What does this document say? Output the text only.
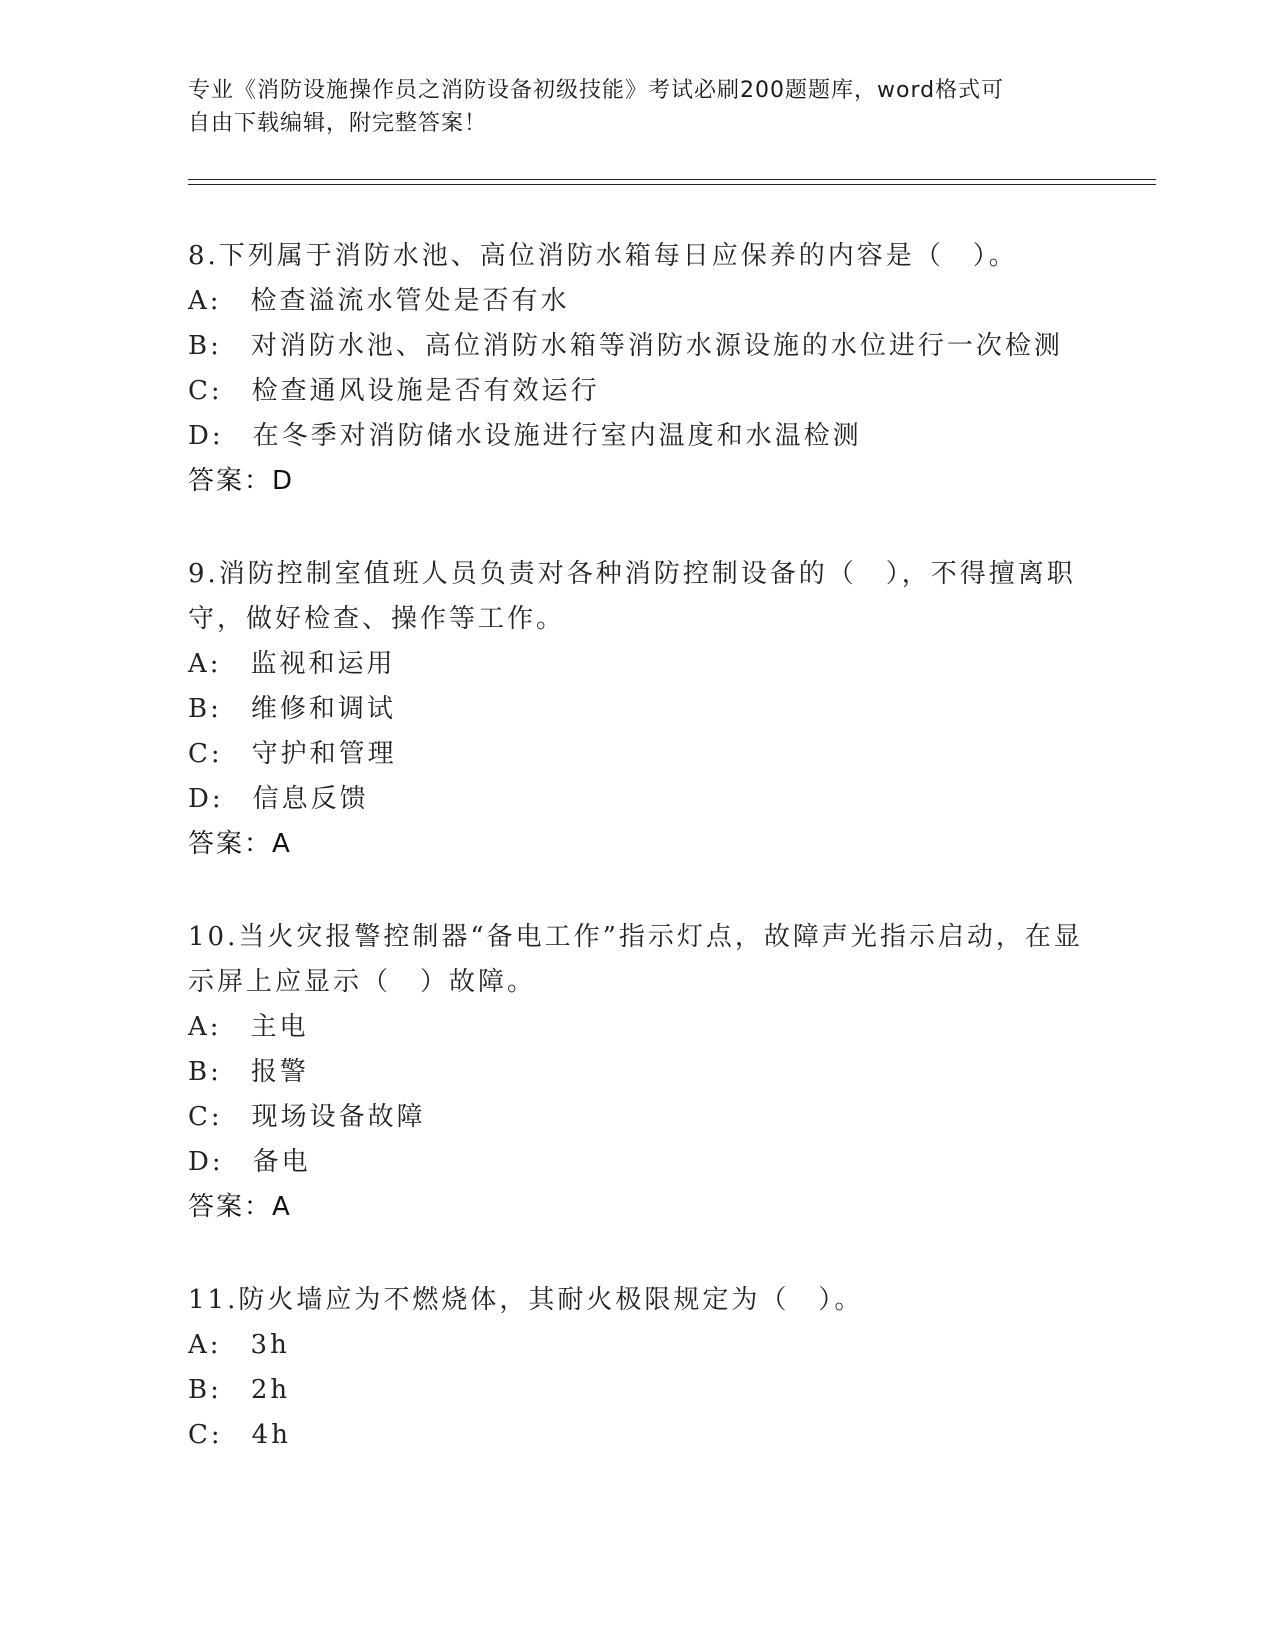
专业《消防设施操作员之消防设备初级技能》考试必刷200题题库，word格式可
自由下载编辑，附完整答案！
8.下列属于消防水池、高位消防水箱每日应保养的内容是（　）。
A:　检查溢流水管处是否有水
B:　对消防水池、高位消防水箱等消防水源设施的水位进行一次检测
C:　检查通风设施是否有效运行
D:　在冬季对消防储水设施进行室内温度和水温检测
答案：D
9.消防控制室值班人员负责对各种消防控制设备的（　），不得擅离职守，做好检查、操作等工作。
A:　监视和运用
B:　维修和调试
C:　守护和管理
D:　信息反馈
答案：A
10.当火灾报警控制器“备电工作”指示灯点，故障声光指示启动，在显示屏上应显示（　）故障。
A:　主电
B:　报警
C:　现场设备故障
D:　备电
答案：A
11.防火墙应为不燃烧体，其耐火极限规定为（　）。
A:　3h
B:　2h
C:　4h
